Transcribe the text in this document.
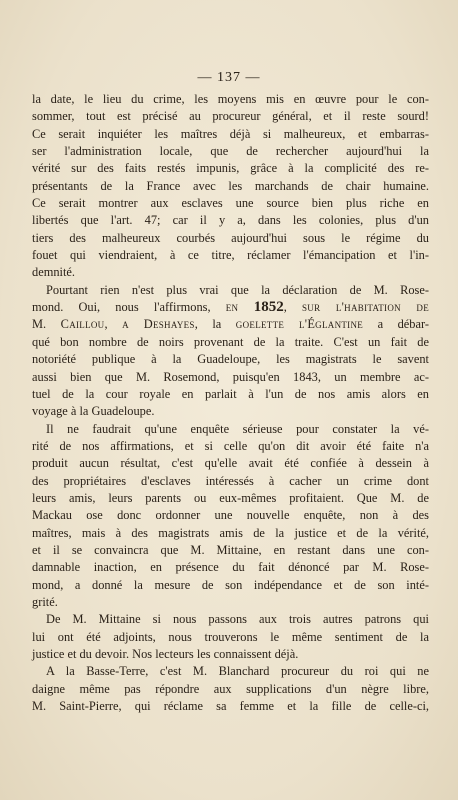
— 137 —
la date, le lieu du crime, les moyens mis en œuvre pour le con-
sommer, tout est précisé au procureur général, et il reste sourd!
Ce serait inquiéter les maîtres déjà si malheureux, et embarras-
ser l'administration locale, que de rechercher aujourd'hui la
vérité sur des faits restés impunis, grâce à la complicité des re-
présentants de la France avec les marchands de chair humaine.
Ce serait montrer aux esclaves une source bien plus riche en
libertés que l'art. 47; car il y a, dans les colonies, plus d'un
tiers des malheureux courbés aujourd'hui sous le régime du
fouet qui viendraient, à ce titre, réclamer l'émancipation et l'in-
demnité.
Pourtant rien n'est plus vrai que la déclaration de M. Rose-
mond. Oui, nous l'affirmons, en 1852, sur l'habitation de
M. Caillou, a Deshayes, la goelette l'Églantine a débar-
qué bon nombre de noirs provenant de la traite. C'est un fait de
notoriété publique à la Guadeloupe, les magistrats le savent
aussi bien que M. Rosemond, puisqu'en 1843, un membre ac-
tuel de la cour royale en parlait à l'un de nos amis alors en
voyage à la Guadeloupe.
Il ne faudrait qu'une enquête sérieuse pour constater la vé-
rité de nos affirmations, et si celle qu'on dit avoir été faite n'a
produit aucun résultat, c'est qu'elle avait été confiée à dessein à
des propriétaires d'esclaves intéressés à cacher un crime dont
leurs amis, leurs parents ou eux-mêmes profitaient. Que M. de
Mackau ose donc ordonner une nouvelle enquête, non à des
maîtres, mais à des magistrats amis de la justice et de la vérité,
et il se convaincra que M. Mittaine, en restant dans une con-
damnable inaction, en présence du fait dénoncé par M. Rose-
mond, a donné la mesure de son indépendance et de son inté-
grité.
De M. Mittaine si nous passons aux trois autres patrons qui
lui ont été adjoints, nous trouverons le même sentiment de la
justice et du devoir. Nos lecteurs les connaissent déjà.
A la Basse-Terre, c'est M. Blanchard procureur du roi qui ne
daigne même pas répondre aux supplications d'un nègre libre,
M. Saint-Pierre, qui réclame sa femme et la fille de celle-ci,
